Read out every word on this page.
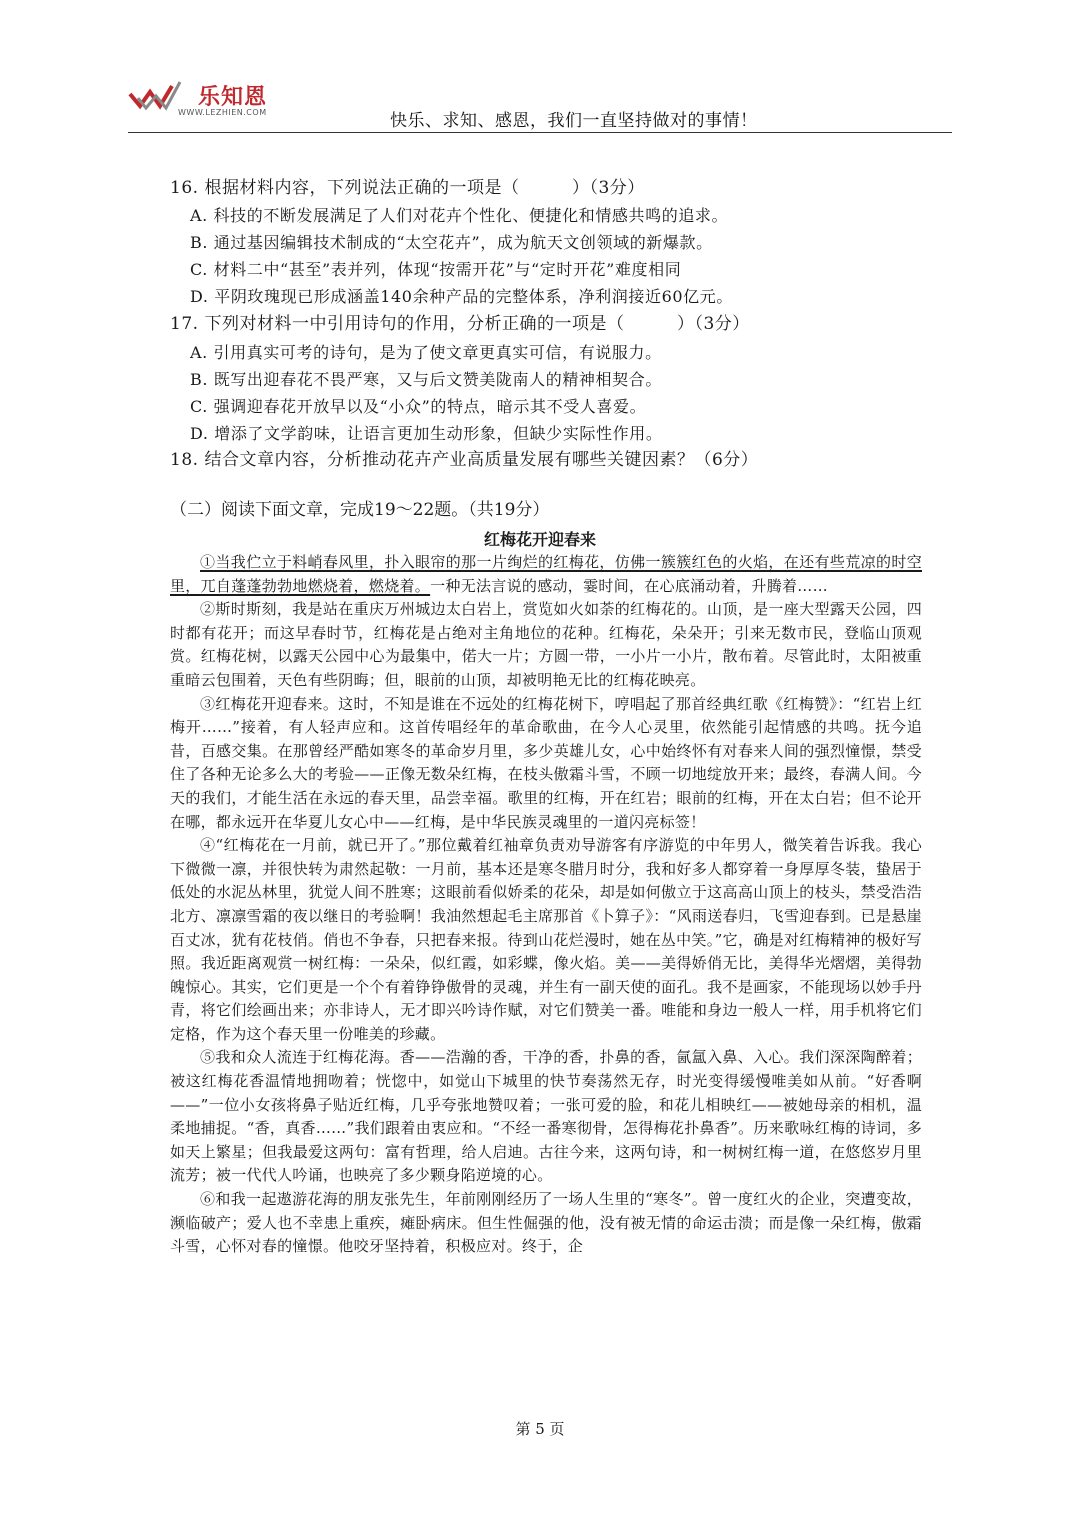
乐知恩
WWW.LEZHIEN.COM	快乐、求知、感恩，我们一直坚持做对的事情！
16. 根据材料内容，下列说法正确的一项是（　　　）（3分）
A. 科技的不断发展满足了人们对花卉个性化、便捷化和情感共鸣的追求。
B. 通过基因编辑技术制成的“太空花卉”，成为航天文创领域的新爆款。
C. 材料二中“甚至”表并列，体现“按需开花”与“定时开花”难度相同
D. 平阴玫瑰现已形成涵盖140余种产品的完整体系，净利润接近60亿元。
17. 下列对材料一中引用诗句的作用，分析正确的一项是（　　　）（3分）
A. 引用真实可考的诗句，是为了使文章更真实可信，有说服力。
B. 既写出迎春花不畏严寒，又与后文赞美陇南人的精神相契合。
C. 强调迎春花开放早以及“小众”的特点，暗示其不受人喜爱。
D. 增添了文学韵味，让语言更加生动形象，但缺少实际性作用。
18. 结合文章内容，分析推动花卉产业高质量发展有哪些关键因素？（6分）
（二）阅读下面文章，完成19～22题。（共19分）
红梅花开迎春来

①当我伫立于料峭春风里，扑入眼帘的那一片绚烂的红梅花，仿佛一簇簇红色的火焰，在还有些荒凉的时空里，兀自蓬蓬勃勃地燃烧着，燃烧着。一种无法言说的感动，霎时间，在心底涌动着，升腾着……

②斯时斯刻，我是站在重庆万州城边太白岩上，赏览如火如荼的红梅花的。山顶，是一座大型露天公园，四时都有花开；而这早春时节，红梅花是占绝对主角地位的花种。红梅花，朵朵开；引来无数市民，登临山顶观赏。红梅花树，以露天公园中心为最集中，偌大一片；方圆一带，一小片一小片，散布着。尽管此时，太阳被重重暗云包围着，天色有些阴晦；但，眼前的山顶，却被明艳无比的红梅花映亮。

③红梅花开迎春来。这时，不知是谁在不远处的红梅花树下，哼唱起了那首经典红歌《红梅赞》：“红岩上红梅开……”接着，有人轻声应和。这首传唱经年的革命歌曲，在今人心灵里，依然能引起情感的共鸣。抚今追昔，百感交集。在那曾经严酷如寒冬的革命岁月里，多少英雄儿女，心中始终怀有对春来人间的强烈憧憬，禁受住了各种无论多么大的考验——正像无数朵红梅，在枝头傲霜斗雪，不顾一切地绽放开来；最终，春满人间。今天的我们，才能生活在永远的春天里，品尝幸福。歌里的红梅，开在红岩；眼前的红梅，开在太白岩；但不论开在哪，都永远开在华夏儿女心中——红梅，是中华民族灵魂里的一道闪亮标签！

④“红梅花在一月前，就已开了。”那位戴着红袖章负责劝导游客有序游览的中年男人，微笑着告诉我。我心下微微一凛，并很快转为肃然起敬：一月前，基本还是寒冬腊月时分，我和好多人都穿着一身厚厚冬装，蛰居于低处的水泥丛林里，犹觉人间不胜寒；这眼前看似娇柔的花朵，却是如何傲立于这高高山顶上的枝头，禁受浩浩北方、凛凛雪霜的夜以继日的考验啊！我油然想起毛主席那首《卜算子》：“风雨送春归，飞雪迎春到。已是悬崖百丈冰，犹有花枝俏。俏也不争春，只把春来报。待到山花烂漫时，她在丛中笑。”它，确是对红梅精神的极好写照。我近距离观赏一树红梅：一朵朵，似红霞，如彩蝶，像火焰。美——美得娇俏无比，美得华光熠熠，美得勃魄惊心。其实，它们更是一个个有着铮铮傲骨的灵魂，并生有一副天使的面孔。我不是画家，不能现场以妙手丹青，将它们绘画出来；亦非诗人，无才即兴吟诗作赋，对它们赞美一番。唯能和身边一般人一样，用手机将它们定格，作为这个春天里一份唯美的珍藏。

⑤我和众人流连于红梅花海。香——浩瀚的香，干净的香，扑鼻的香，氤氲入鼻、入心。我们深深陶醉着；被这红梅花香温情地拥吻着；恍惚中，如觉山下城里的快节奏荡然无存，时光变得缓慢唯美如从前。“好香啊——”一位小女孩将鼻子贴近红梅，几乎夸张地赞叹着；一张可爱的脸，和花儿相映红——被她母亲的相机，温柔地捕捉。“香，真香……”我们跟着由衷应和。“不经一番寒彻骨，怎得梅花扑鼻香”。历来歌咏红梅的诗词，多如天上繁星；但我最爱这两句：富有哲理，给人启迪。古往今来，这两句诗，和一树树红梅一道，在悠悠岁月里流芳；被一代代人吟诵，也映亮了多少颗身陷逆境的心。

⑥和我一起遨游花海的朋友张先生，年前刚刚经历了一场人生里的“寒冬”。曾一度红火的企业，突遭变故，濒临破产；爱人也不幸患上重疾，瘫卧病床。但生性倔强的他，没有被无情的命运击溃；而是像一朵红梅，傲霜斗雪，心怀对春的憧憬。他咬牙坚持着，积极应对。终于，企

第 5 页
